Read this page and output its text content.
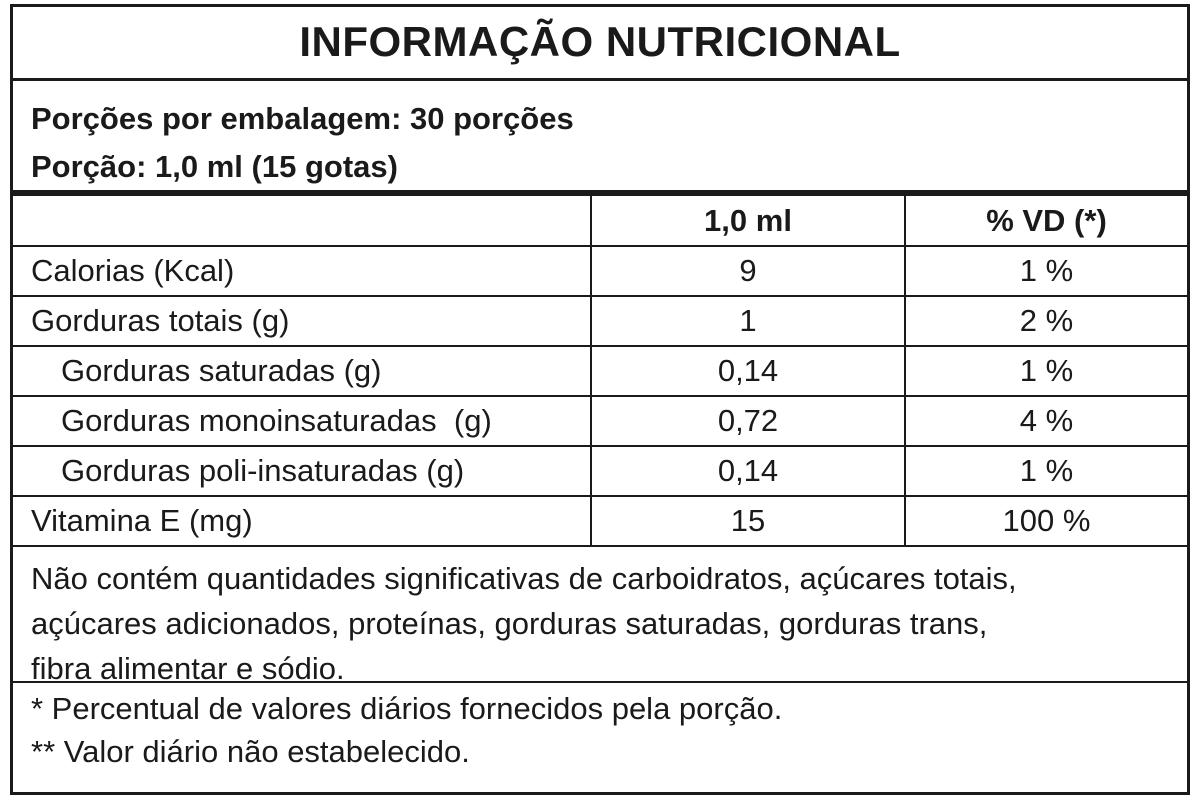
INFORMAÇÃO NUTRICIONAL
Porções por embalagem: 30 porções
Porção: 1,0 ml (15 gotas)
	1,0 ml	% VD (*)
Calorias (Kcal)	9	1 %
Gorduras totais (g)	1	2 %
Gorduras saturadas (g)	0,14	1 %
Gorduras monoinsaturadas  (g)	0,72	4 %
Gorduras poli-insaturadas (g)	0,14	1 %
Vitamina E (mg)	15	100 %
Não contém quantidades significativas de carboidratos, açúcares totais,
açúcares adicionados, proteínas, gorduras saturadas, gorduras trans,
fibra alimentar e sódio.
* Percentual de valores diários fornecidos pela porção.
** Valor diário não estabelecido.
